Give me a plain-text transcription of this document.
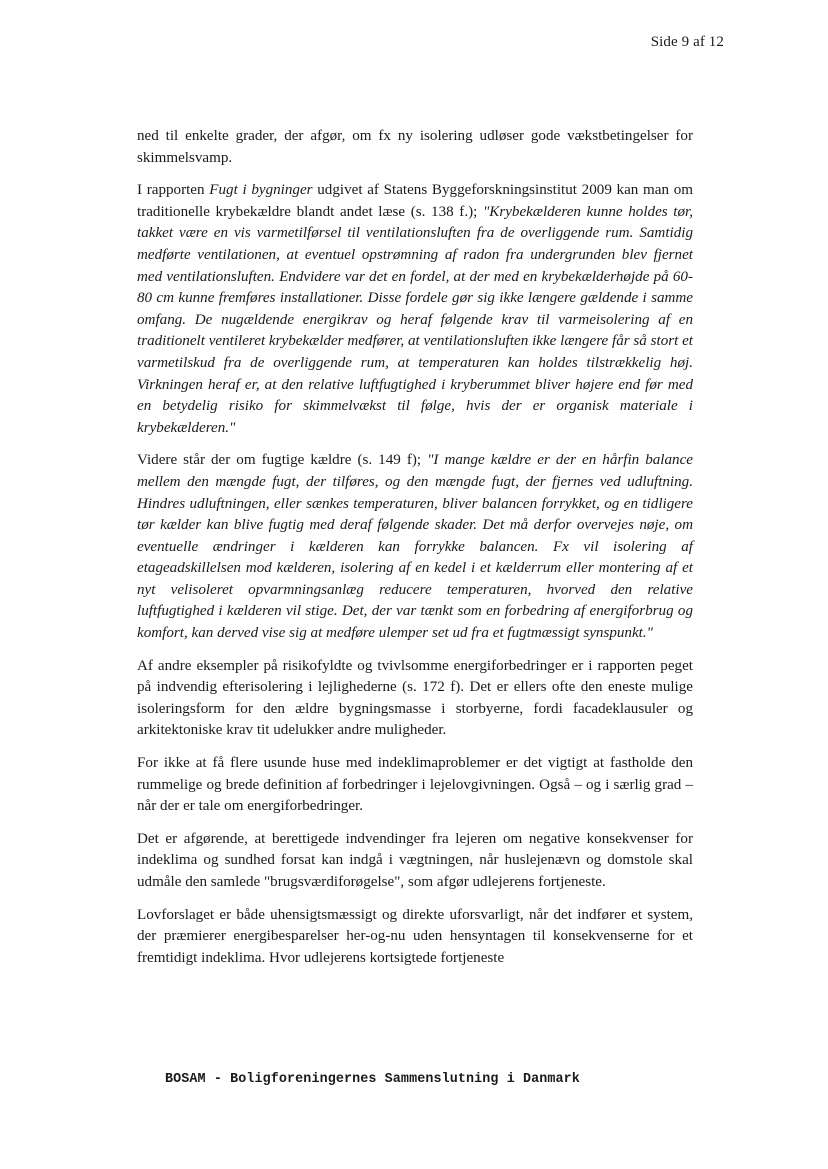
Side 9 af 12

ned til enkelte grader, der afgør, om fx ny isolering udløser gode vækstbetingelser for skimmelsvamp.

I rapporten Fugt i bygninger udgivet af Statens Byggeforskningsinstitut 2009 kan man om traditionelle krybekældre blandt andet læse (s. 138 f.); "Krybekælderen kunne holdes tør, takket være en vis varmetilførsel til ventilationsluften fra de overliggende rum. Samtidig medførte ventilationen, at eventuel opstrømning af radon fra undergrunden blev fjernet med ventilationsluften. Endvidere var det en fordel, at der med en krybekælderhøjde på 60-80 cm kunne fremføres installationer. Disse fordele gør sig ikke længere gældende i samme omfang. De nugældende energikrav og heraf følgende krav til varmeisolering af en traditionelt ventileret krybekælder medfører, at ventilationsluften ikke længere får så stort et varmetilskud fra de overliggende rum, at temperaturen kan holdes tilstrækkelig høj. Virkningen heraf er, at den relative luftfugtighed i kryberummet bliver højere end før med en betydelig risiko for skimmelvækst til følge, hvis der er organisk materiale i krybekælderen."

Videre står der om fugtige kældre (s. 149 f); "I mange kældre er der en hårfin balance mellem den mængde fugt, der tilføres, og den mængde fugt, der fjernes ved udluftning. Hindres udluftningen, eller sænkes temperaturen, bliver balancen forrykket, og en tidligere tør kælder kan blive fugtig med deraf følgende skader. Det må derfor overvejes nøje, om eventuelle ændringer i kælderen kan forrykke balancen. Fx vil isolering af etageadskillelsen mod kælderen, isolering af en kedel i et kælderrum eller montering af et nyt velisoleret opvarmningsanlæg reducere temperaturen, hvorved den relative luftfugtighed i kælderen vil stige. Det, der var tænkt som en forbedring af energiforbrug og komfort, kan derved vise sig at medføre ulemper set ud fra et fugtmæssigt synspunkt."

Af andre eksempler på risikofyldte og tvivlsomme energiforbedringer er i rapporten peget på indvendig efterisolering i lejlighederne (s. 172 f). Det er ellers ofte den eneste mulige isoleringsform for den ældre bygningsmasse i storbyerne, fordi facadeklausuler og arkitektoniske krav tit udelukker andre muligheder.

For ikke at få flere usunde huse med indeklimaproblemer er det vigtigt at fastholde den rummelige og brede definition af forbedringer i lejelovgivningen. Også – og i særlig grad – når der er tale om energiforbedringer.

Det er afgørende, at berettigede indvendinger fra lejeren om negative konsekvenser for indeklima og sundhed forsat kan indgå i vægtningen, når huslejenævn og domstole skal udmåle den samlede "brugsværdiforøgelse", som afgør udlejerens fortjeneste.

Lovforslaget er både uhensigtsmæssigt og direkte uforsvarligt, når det indfører et system, der præmierer energibesparelser her-og-nu uden hensyntagen til konsekvenserne for et fremtidigt indeklima. Hvor udlejerens kortsigtede fortjeneste

BOSAM - Boligforeningernes Sammenslutning i Danmark
